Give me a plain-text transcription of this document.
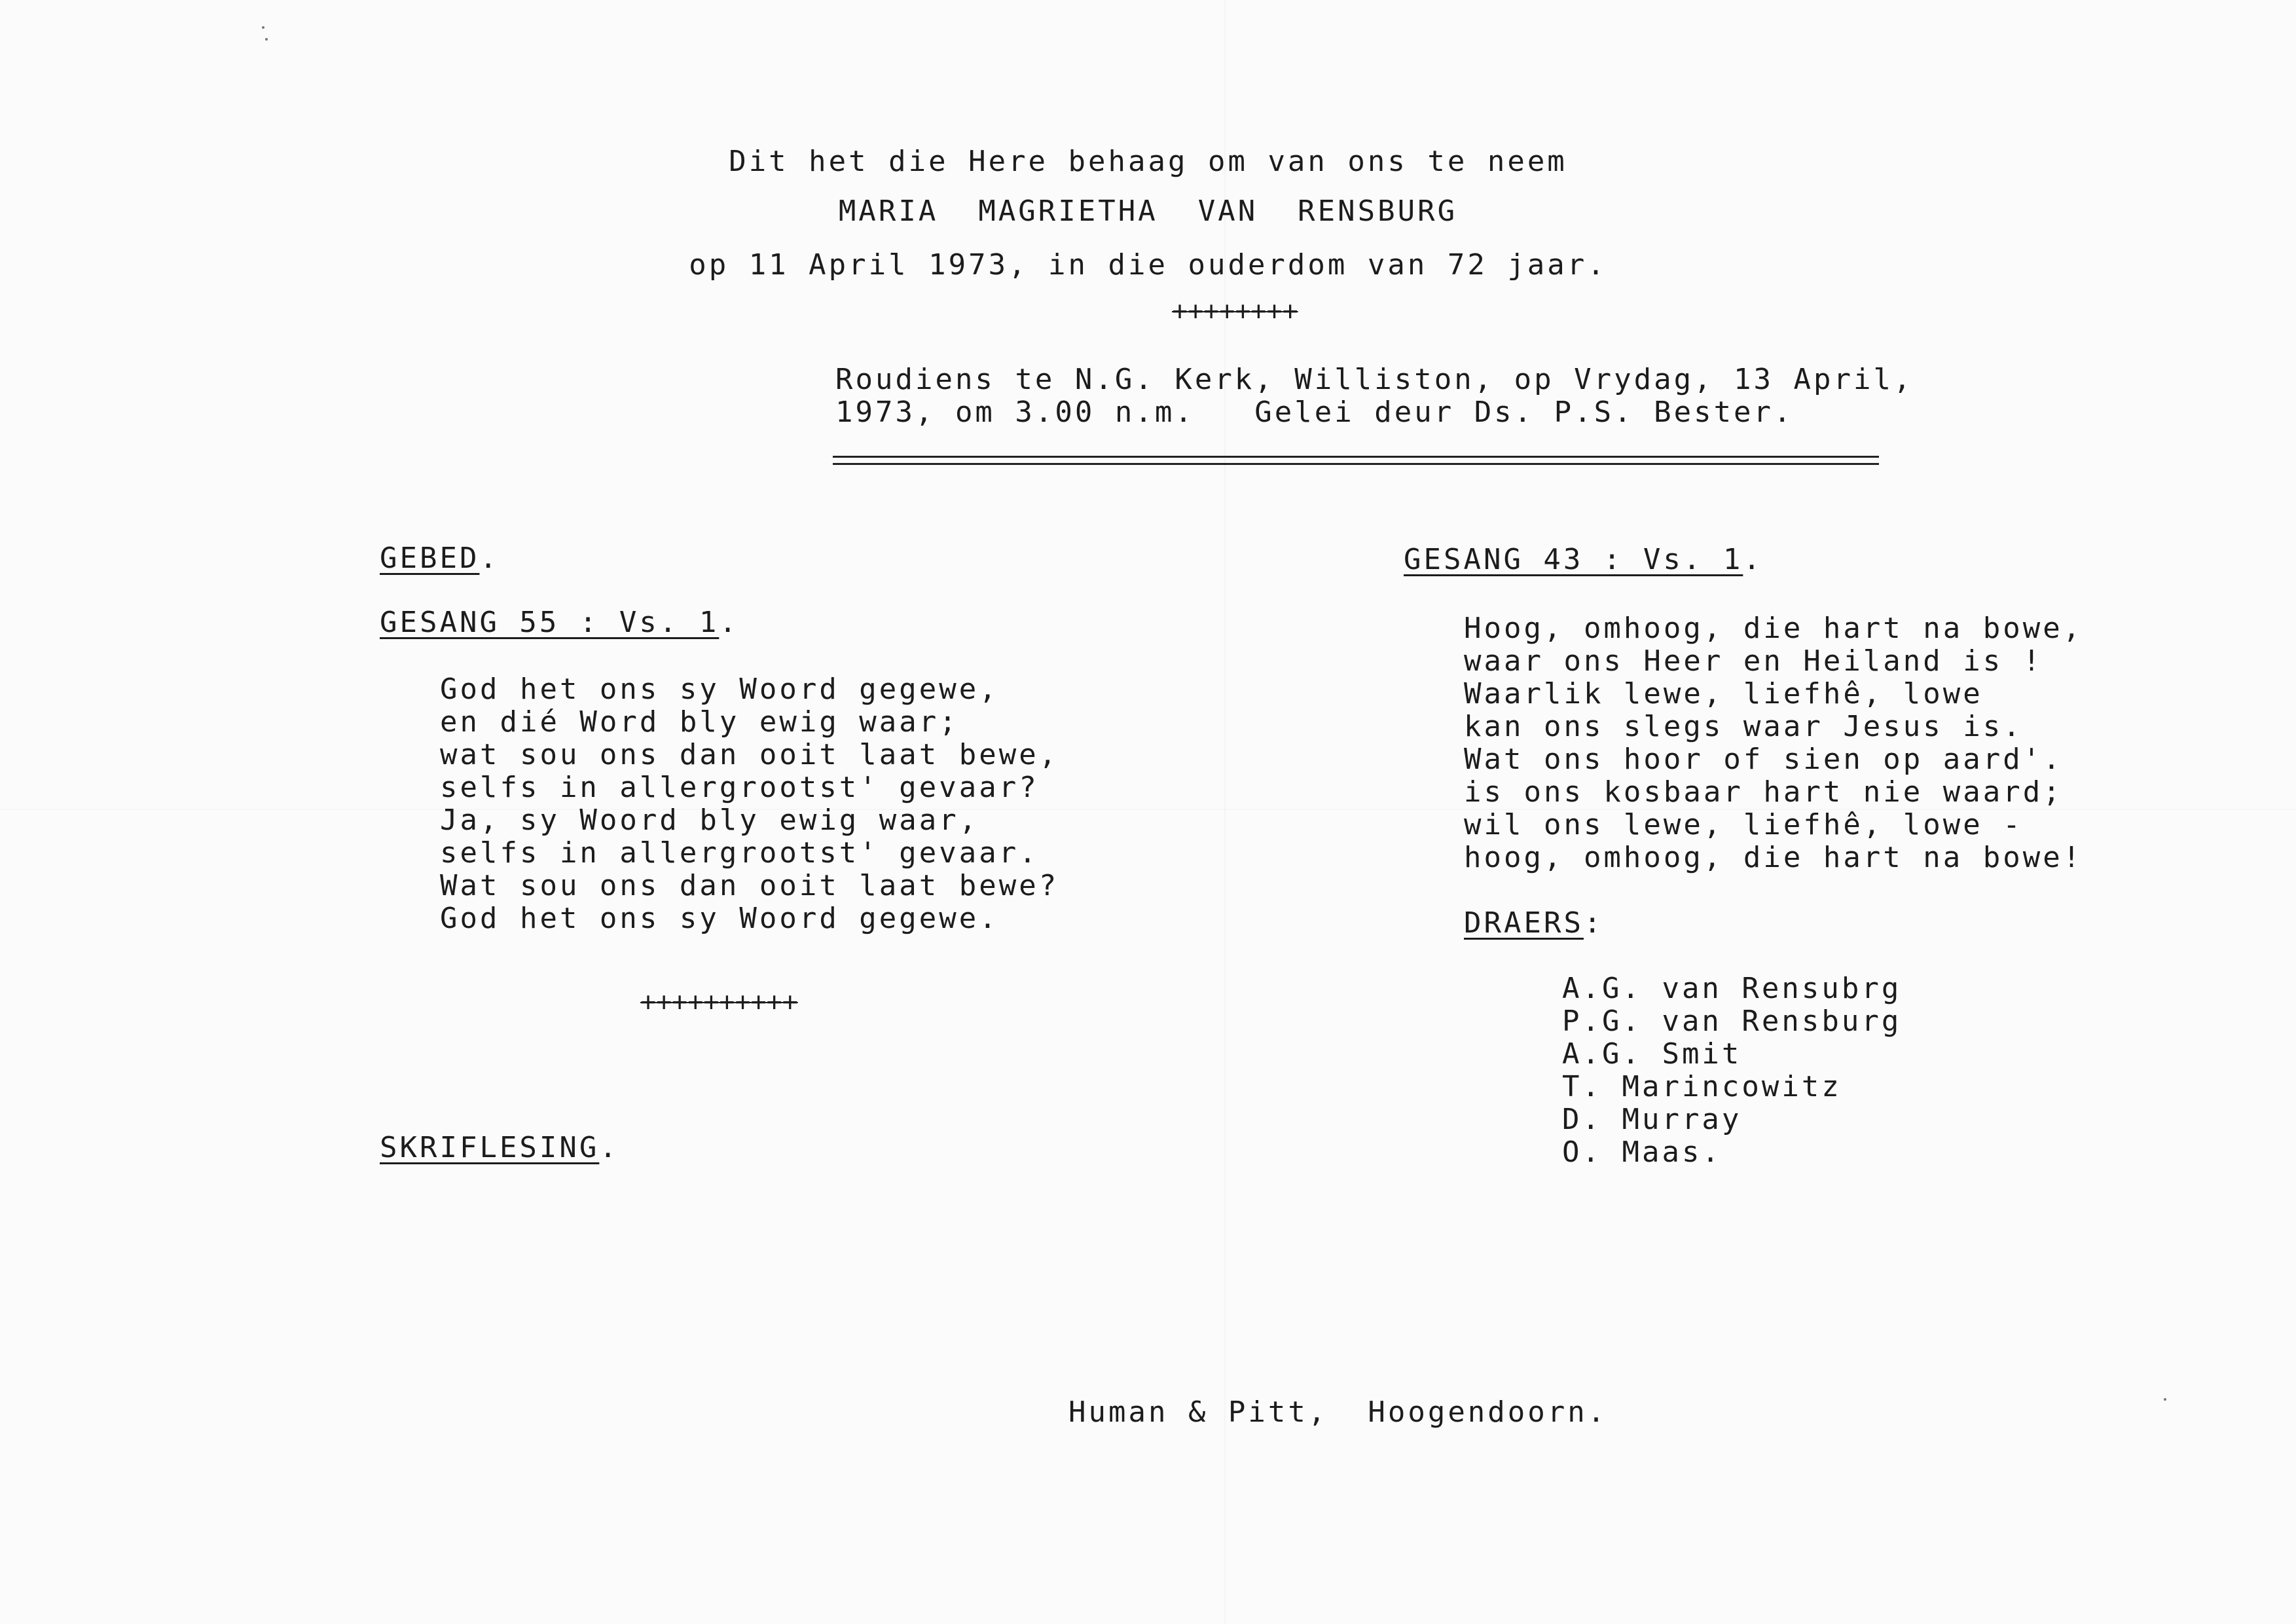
Dit het die Here behaag om van ons te neem
MARIA  MAGRIETHA  VAN  RENSBURG
op 11 April 1973, in die ouderdom van 72 jaar.
++++++++
Roudiens te N.G. Kerk, Williston, op Vrydag, 13 April,
1973, om 3.00 n.m.   Gelei deur Ds. P.S. Bester.
GEBED.
GESANG 55 : Vs. 1.
God het ons sy Woord gegewe,
en dié Word bly ewig waar;
wat sou ons dan ooit laat bewe,
selfs in allergrootst' gevaar?
Ja, sy Woord bly ewig waar,
selfs in allergrootst' gevaar.
Wat sou ons dan ooit laat bewe?
God het ons sy Woord gegewe.
++++++++++
SKRIFLESING.
GESANG 43 : Vs. 1.
Hoog, omhoog, die hart na bowe,
waar ons Heer en Heiland is !
Waarlik lewe, liefhê, lowe
kan ons slegs waar Jesus is.
Wat ons hoor of sien op aard'.
is ons kosbaar hart nie waard;
wil ons lewe, liefhê, lowe -
hoog, omhoog, die hart na bowe!
DRAERS:
A.G. van Rensubrg
P.G. van Rensburg
A.G. Smit
T. Marincowitz
D. Murray
O. Maas.
Human & Pitt,  Hoogendoorn.
